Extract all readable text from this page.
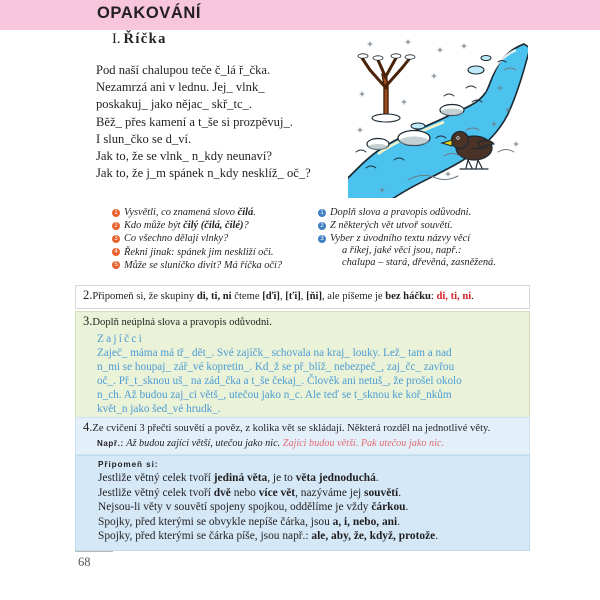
OPAKOVÁNÍ
I. Říčka
Pod naší chalupou teče č_lá ř_čka.
Nezamrzá ani v lednu. Jej_ vlnk_
poskakuj_ jako nějac_ skř_tc_.
Běž_ přes kamení a t_še si prozpěvuj_.
I slun_čko se d_ví.
Jak to, že se vlnk_ n_kdy neunaví?
Jak to, že j_m spánek n_kdy nesklíž_ oč_?
1 Vysvětli, co znamená slovo čilá.
2 Kdo může být čilý (čilá, čilé)?
3 Co všechno dělají vlnky?
4 Řekni jinak: spánek jim neskliží oči.
5 Může se sluníčko divit? Má říčka oči?
1 Doplň slova a pravopis odůvodni.
2 Z některých vět utvoř souvětí.
3 Vyber z úvodního textu názvy věcí
a říkej, jaké věci jsou, např.:
chalupa – stará, dřevěná, zasněžená.
2.Připomeň si, že skupiny di, ti, ni čteme [ďi], [ťi], [ňi], ale píšeme je bez háčku: di, ti, ni.
3.Doplň neúplná slova a pravopis odůvodni.
Zajíčci
Zaječ_ máma má tř_ dět_. Své zajíčk_ schovala na kraj_ louky. Lež_ tam a nad
n_mi se houpaj_ zář_vé kopretin_. Kd_ž se př_blíž_ nebezpeč_, zaj_čc_ zavřou
oč_. Př_t_sknou uš_ na zád_čka a t_še čekaj_. Člověk ani netuš_, že prošel okolo
n_ch. Až budou zaj_ci větš_, utečou jako n_c. Ale teď se t_sknou ke koř_nkům
květ_n jako šed_vé hrudk_.
4.Ze cvičení 3 přečti souvětí a pověz, z kolika vět se skládají. Některá rozděl na jednotlivé věty.
Např.: Až budou zajíci větší, utečou jako nic. Zajíci budou větší. Pak utečou jako nic.
Připomeň si:
Jestliže větný celek tvoří jediná věta, je to věta jednoduchá.
Jestliže větný celek tvoří dvě nebo více vět, nazýváme jej souvětí.
Nejsou-li věty v souvětí spojeny spojkou, oddělíme je vždy čárkou.
Spojky, před kterými se obvykle nepíše čárka, jsou a, i, nebo, ani.
Spojky, před kterými se čárka píše, jsou např.: ale, aby, že, když, protože.
68
